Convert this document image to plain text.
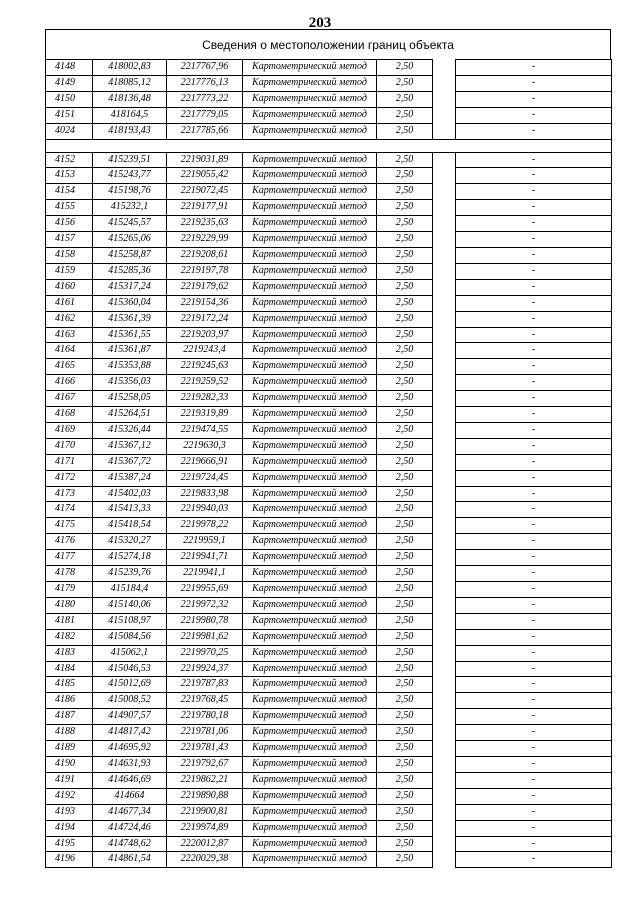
203
Сведения о местоположении границ объекта
4148	418002,83	2217767,96	Картометрический метод	2,50		-
4149	418085,12	2217776,13	Картометрический метод	2,50		-
4150	418136,48	2217773,22	Картометрический метод	2,50		-
4151	418164,5	2217779,05	Картометрический метод	2,50		-
4024	418193,43	2217785,66	Картометрический метод	2,50		-

4152	415239,51	2219031,89	Картометрический метод	2,50		-
4153	415243,77	2219055,42	Картометрический метод	2,50		-
4154	415198,76	2219072,45	Картометрический метод	2,50		-
4155	415232,1	2219177,91	Картометрический метод	2,50		-
4156	415245,57	2219235,63	Картометрический метод	2,50		-
4157	415265,06	2219229,99	Картометрический метод	2,50		-
4158	415258,87	2219208,61	Картометрический метод	2,50		-
4159	415285,36	2219197,78	Картометрический метод	2,50		-
4160	415317,24	2219179,62	Картометрический метод	2,50		-
4161	415360,04	2219154,36	Картометрический метод	2,50		-
4162	415361,39	2219172,24	Картометрический метод	2,50		-
4163	415361,55	2219203,97	Картометрический метод	2,50		-
4164	415361,87	2219243,4	Картометрический метод	2,50		-
4165	415353,88	2219245,63	Картометрический метод	2,50		-
4166	415356,03	2219259,52	Картометрический метод	2,50		-
4167	415258,05	2219282,33	Картометрический метод	2,50		-
4168	415264,51	2219319,89	Картометрический метод	2,50		-
4169	415326,44	2219474,55	Картометрический метод	2,50		-
4170	415367,12	2219630,3	Картометрический метод	2,50		-
4171	415367,72	2219666,91	Картометрический метод	2,50		-
4172	415387,24	2219724,45	Картометрический метод	2,50		-
4173	415402,03	2219833,98	Картометрический метод	2,50		-
4174	415413,33	2219940,03	Картометрический метод	2,50		-
4175	415418,54	2219978,22	Картометрический метод	2,50		-
4176	415320,27	2219959,1	Картометрический метод	2,50		-
4177	415274,18	2219941,71	Картометрический метод	2,50		-
4178	415239,76	2219941,1	Картометрический метод	2,50		-
4179	415184,4	2219955,69	Картометрический метод	2,50		-
4180	415140,06	2219972,32	Картометрический метод	2,50		-
4181	415108,97	2219980,78	Картометрический метод	2,50		-
4182	415084,56	2219981,62	Картометрический метод	2,50		-
4183	415062,1	2219970,25	Картометрический метод	2,50		-
4184	415046,53	2219924,37	Картометрический метод	2,50		-
4185	415012,69	2219787,83	Картометрический метод	2,50		-
4186	415008,52	2219768,45	Картометрический метод	2,50		-
4187	414907,57	2219780,18	Картометрический метод	2,50		-
4188	414817,42	2219781,06	Картометрический метод	2,50		-
4189	414695,92	2219781,43	Картометрический метод	2,50		-
4190	414631,93	2219792,67	Картометрический метод	2,50		-
4191	414646,69	2219862,21	Картометрический метод	2,50		-
4192	414664	2219890,88	Картометрический метод	2,50		-
4193	414677,34	2219900,81	Картометрический метод	2,50		-
4194	414724,46	2219974,89	Картометрический метод	2,50		-
4195	414748,62	2220012,87	Картометрический метод	2,50		-
4196	414861,54	2220029,38	Картометрический метод	2,50		-
